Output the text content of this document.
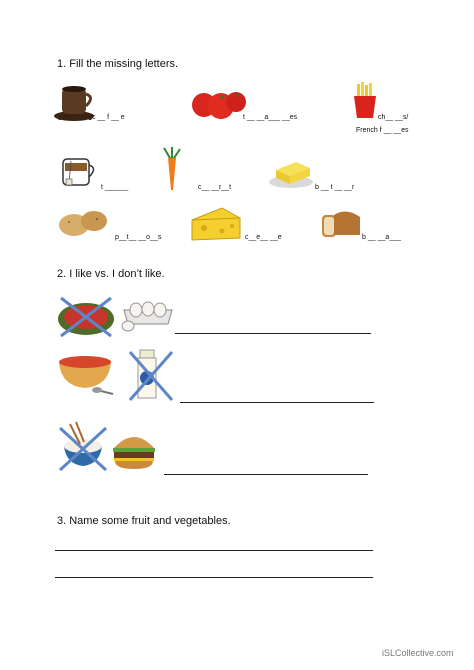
1. Fill the missing letters.
c __ f __ e	t __ __a___ __es	ch__ __s/
French f __ __es
t ______	c__ __r__t	b __ t __ __r
p__t__ __o__s	c__e__ __e	b __ __a___
2. I like vs. I don’t like.
3. Name some fruit and vegetables.
iSLCollective.com
